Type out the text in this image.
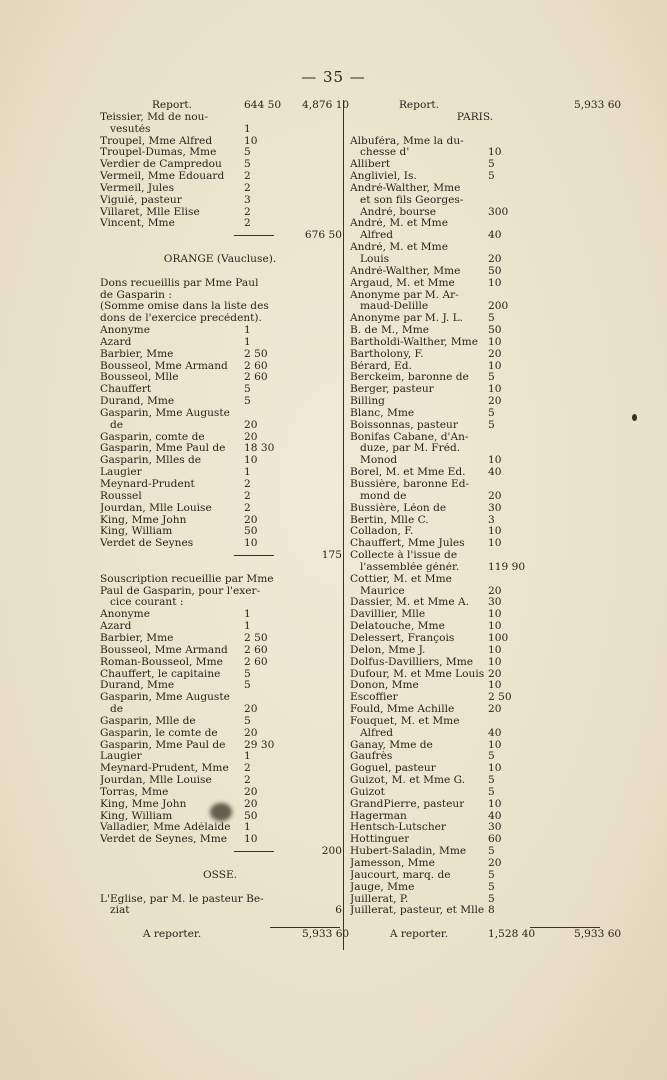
— 35 —
Report.	644 50 4,876 10
Teissier, Md de nou-
vesutés	1
Troupel, Mme Alfred	10
Troupel-Dumas, Mme	5
Verdier de Campredou 5
Vermeil, Mme Edouard 2
Vermeil, Jules	2
Viguié, pasteur	3
Villaret, Mlle Elise	2
Vincent, Mme	2
676 50
ORANGE (Vaucluse).
Dons recueillis par Mme Paul
de Gasparin :
(Somme omise dans la liste des
dons de l'exercice precédent).
Anonyme	1
Azard	1
Barbier, Mme	2 50
Bousseol, Mme Armand 2 60
Bousseol, Mlle	2 60
Chauffert	5
Durand, Mme	5
Gasparin, Mme Auguste
de	20
Gasparin, comte de	20
Gasparin, Mme Paul de 18 30
Gasparin, Mlles de	10
Laugier	1
Meynard-Prudent	2
Roussel	2
Jourdan, Mlle Louise	2
King, Mme John	20
King, William	50
Verdet de Seynes	10
175
Souscription recueillie par Mme
Paul de Gasparin, pour l'exer-
cice courant :
Anonyme	1
Azard	1
Barbier, Mme	2 50
Bousseol, Mme Armand 2 60
Roman-Bousseol, Mme 2 60
Chauffert, le capitaine 5
Durand, Mme	5
Gasparin, Mme Auguste
de	20
Gasparin, Mlle de	5
Gasparin, le comte de 20
Gasparin, Mme Paul de 29 30
Laugier	1
Meynard-Prudent, Mme 2
Jourdan, Mlle Louise	2
Torras, Mme	20
King, Mme John	20
King, William	50
Valladier, Mme Adélaide 1
Verdet de Seynes, Mme 10
200
OSSE.
L'Eglise, par M. le pasteur Be-
ziat	6
A reporter.	5,933 60
Report.	5,933 60
PARIS.
Albuféra, Mme la du-
chesse d'	10
Allibert	5
Angliviel, Is.	5
André-Walther, Mme
et son fils Georges-
André, bourse	300
André, M. et Mme
Alfred	40
André, M. et Mme
Louis	20
André-Walther, Mme	50
Argaud, M. et Mme	10
Anonyme par M. Ar-
maud-Delille	200
Anonyme par M. J. L. 5
B. de M., Mme	50
Bartholdi-Walther, Mme 10
Bartholony, F.	20
Bérard, Ed.	10
Berckeim, baronne de 5
Berger, pasteur	10
Billing	20
Blanc, Mme	5
Boissonnas, pasteur	5
Bonifas Cabane, d'An-
duze, par M. Fréd.
Monod	10
Borel, M. et Mme Ed. 40
Bussière, baronne Ed-
mond de	20
Bussière, Léon de	30
Bertin, Mlle C.	3
Colladon, F.	10
Chauffert, Mme Jules 10
Collecte à l'issue de
l'assemblée génér.	119 90
Cottier, M. et Mme
Maurice	20
Dassier, M. et Mme A. 30
Davillier, Mlle	10
Delatouche, Mme	10
Delessert, François	100
Delon, Mme J.	10
Dolfus-Davilliers, Mme 10
Dufour, M. et Mme Louis 20
Donon, Mme	10
Escoffier	2 50
Fould, Mme Achille	20
Fouquet, M. et Mme
Alfred	40
Ganay, Mme de	10
Gaufrès	5
Goguel, pasteur	10
Guizot, M. et Mme G. 5
Guizot	5
GrandPierre, pasteur 10
Hagerman	40
Hentsch-Lutscher	30
Hottinguer	60
Hubert-Saladin, Mme 5
Jamesson, Mme	20
Jaucourt, marq. de	5
Jauge, Mme	5
Juillerat, P.	5
Juillerat, pasteur, et Mlle 8
A reporter.	1,528 40	5,933 60
